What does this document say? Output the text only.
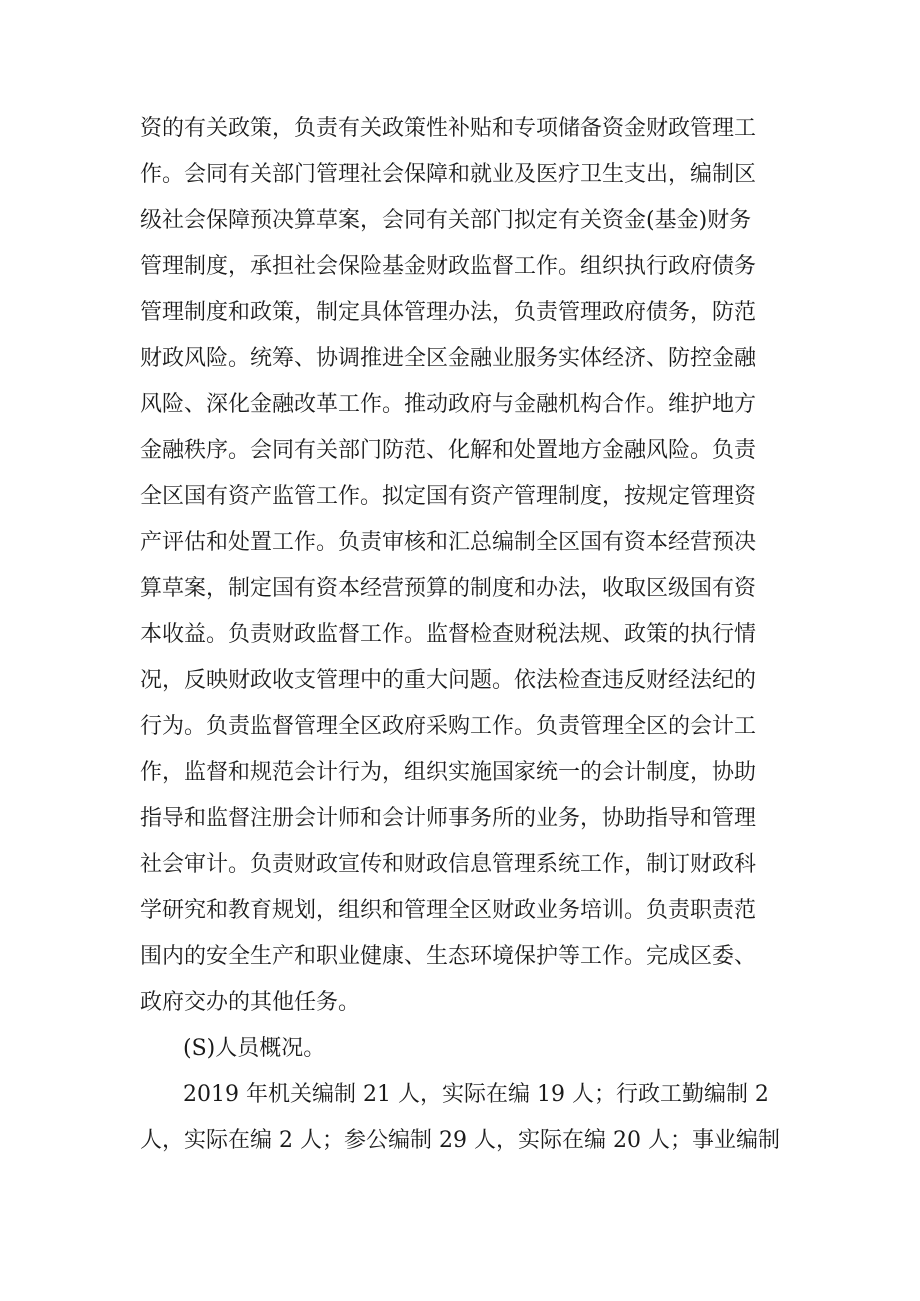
资的有关政策，负责有关政策性补贴和专项储备资金财政管理工
作。会同有关部门管理社会保障和就业及医疗卫生支出，编制区
级社会保障预决算草案，会同有关部门拟定有关资金(基金)财务
管理制度，承担社会保险基金财政监督工作。组织执行政府债务
管理制度和政策，制定具体管理办法，负责管理政府债务，防范
财政风险。统筹、协调推进全区金融业服务实体经济、防控金融
风险、深化金融改革工作。推动政府与金融机构合作。维护地方
金融秩序。会同有关部门防范、化解和处置地方金融风险。负责
全区国有资产监管工作。拟定国有资产管理制度，按规定管理资
产评估和处置工作。负责审核和汇总编制全区国有资本经营预决
算草案，制定国有资本经营预算的制度和办法，收取区级国有资
本收益。负责财政监督工作。监督检查财税法规、政策的执行情
况，反映财政收支管理中的重大问题。依法检查违反财经法纪的
行为。负责监督管理全区政府采购工作。负责管理全区的会计工
作，监督和规范会计行为，组织实施国家统一的会计制度，协助
指导和监督注册会计师和会计师事务所的业务，协助指导和管理
社会审计。负责财政宣传和财政信息管理系统工作，制订财政科
学研究和教育规划，组织和管理全区财政业务培训。负责职责范
围内的安全生产和职业健康、生态环境保护等工作。完成区委、
政府交办的其他任务。
(S)人员概况。
2019 年机关编制 21 人，实际在编 19 人；行政工勤编制 2
人，实际在编 2 人；参公编制 29 人，实际在编 20 人；事业编制
